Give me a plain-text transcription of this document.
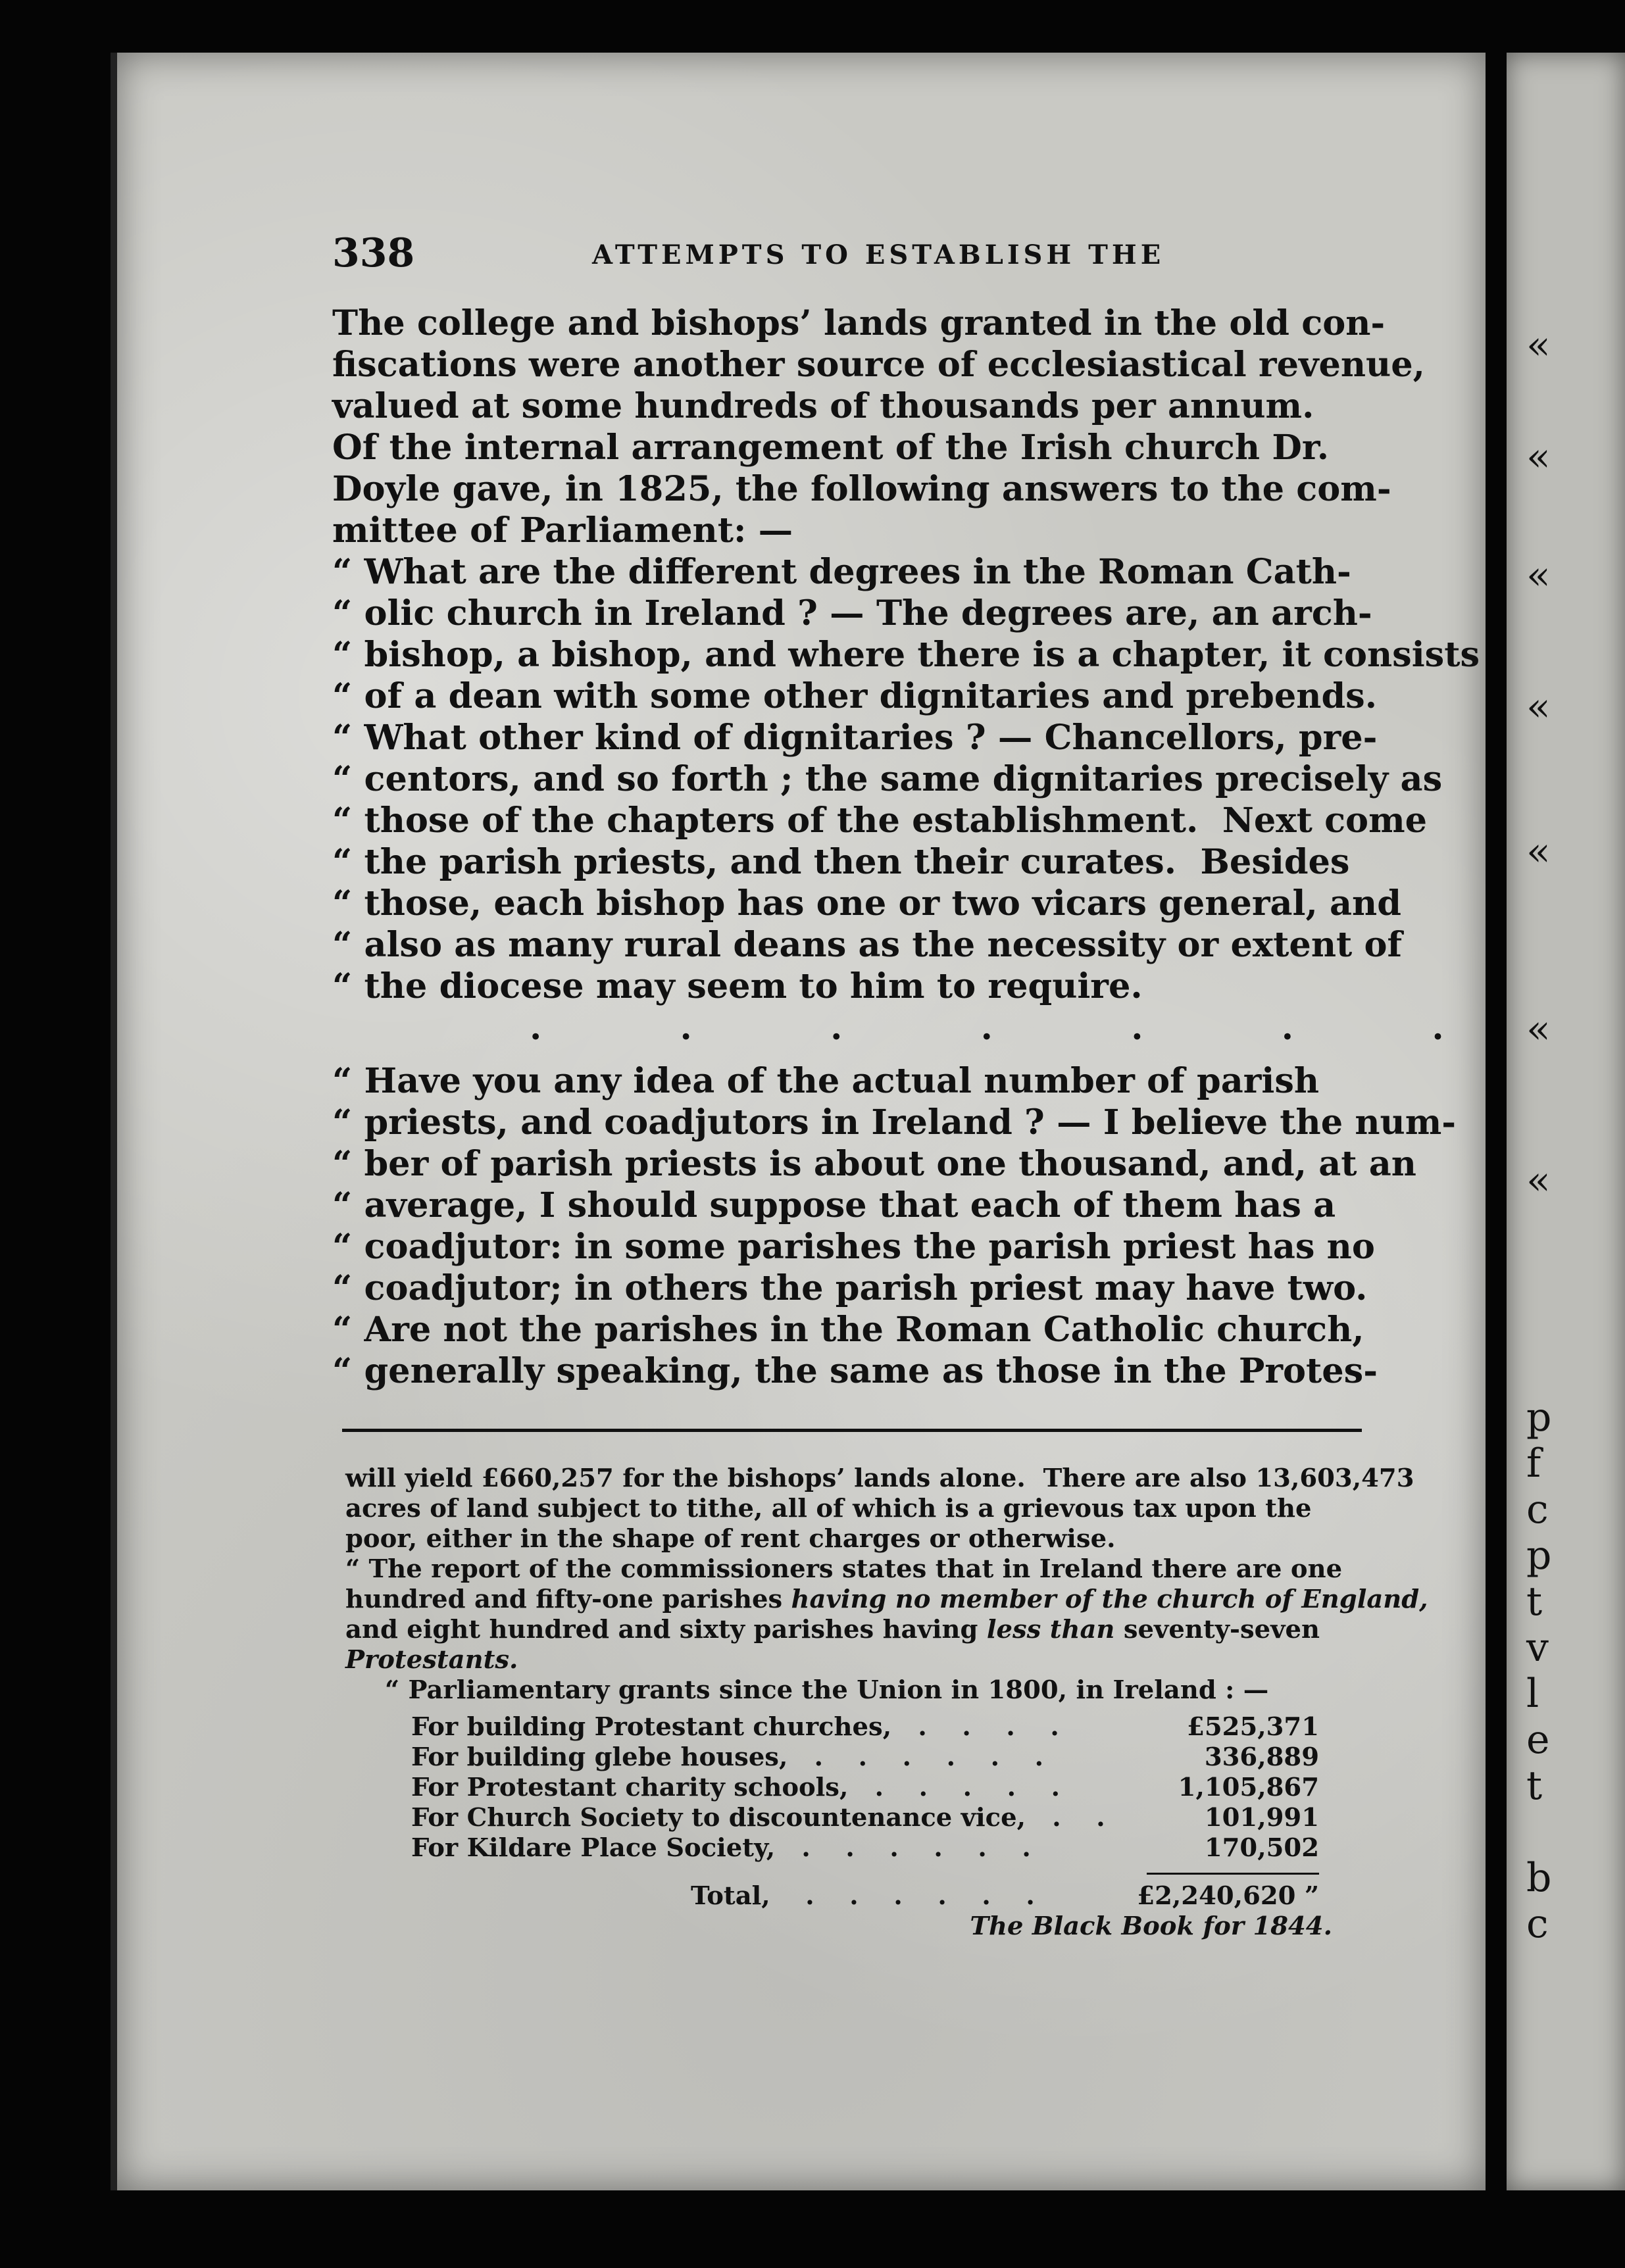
«
«
«
«
«
«
«
p
f
c
p
t
v
l
e
t
b
c
338	ATTEMPTS TO ESTABLISH THE

The college and bishops’ lands granted in the old con-

fiscations were another source of ecclesiastical revenue,

valued at some hundreds of thousands per annum.

Of the internal arrangement of the Irish church Dr.

Doyle gave, in 1825, the following answers to the com-

mittee of Parliament: —

“ What are the different degrees in the Roman Cath-

“ olic church in Ireland ? — The degrees are, an arch-

“ bishop, a bishop, and where there is a chapter, it consists

“ of a dean with some other dignitaries and prebends.

“ What other kind of dignitaries ? — Chancellors, pre-

“ centors, and so forth ; the same dignitaries precisely as

“ those of the chapters of the establishment.  Next come

“ the parish priests, and then their curates.  Besides

“ those, each bishop has one or two vicars general, and

“ also as many rural deans as the necessity or extent of

“ the diocese may seem to him to require.

. . . . . . .

“ Have you any idea of the actual number of parish

“ priests, and coadjutors in Ireland ? — I believe the num-

“ ber of parish priests is about one thousand, and, at an

“ average, I should suppose that each of them has a

“ coadjutor: in some parishes the parish priest has no

“ coadjutor; in others the parish priest may have two.

“ Are not the parishes in the Roman Catholic church,

“ generally speaking, the same as those in the Protes-

will yield £660,257 for the bishops’ lands alone.  There are also 13,603,473

acres of land subject to tithe, all of which is a grievous tax upon the

poor, either in the shape of rent charges or otherwise.

“ The report of the commissioners states that in Ireland there are one

hundred and fifty-one parishes having no member of the church of England,

and eight hundred and sixty parishes having less than seventy-seven

Protestants.

“ Parliamentary grants since the Union in 1800, in Ireland : —

For building Protestant churches,   .    .    .    .	£525,371
For building glebe houses,   .    .    .    .    .    .	336,889
For Protestant charity schools,   .    .    .    .    .	1,105,867
For Church Society to discountenance vice,   .    .	101,991
For Kildare Place Society,   .    .    .    .    .    .	170,502
Total,    .    .    .    .    .    .	£2,240,620 ”
The Black Book for 1844.
